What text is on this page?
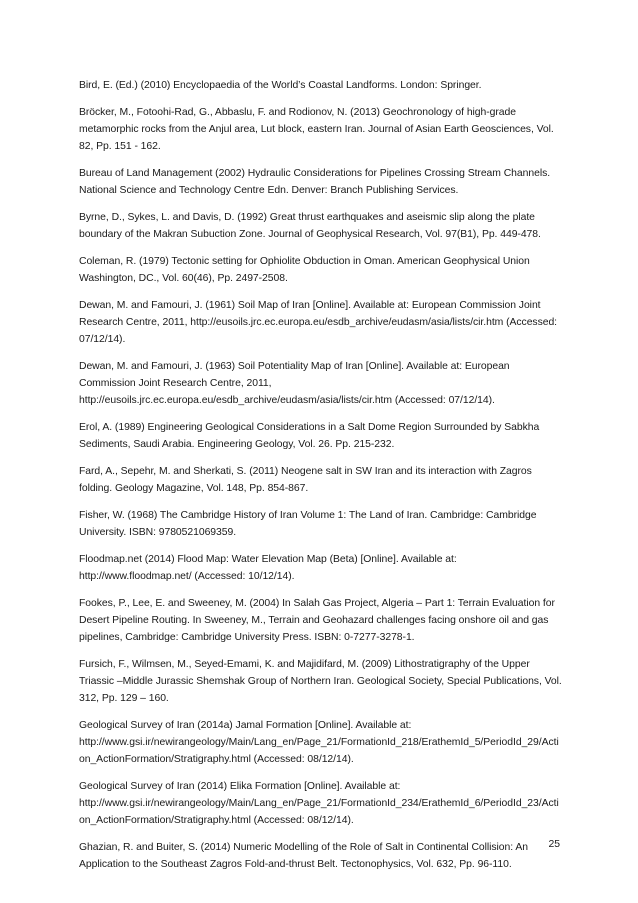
Bird, E. (Ed.) (2010) Encyclopaedia of the World’s Coastal Landforms. London: Springer.
Bröcker, M., Fotoohi-Rad, G., Abbaslu, F. and Rodionov, N. (2013) Geochronology of high-grade metamorphic rocks from the Anjul area, Lut block, eastern Iran. Journal of Asian Earth Geosciences, Vol. 82, Pp. 151 - 162.
Bureau of Land Management (2002) Hydraulic Considerations for Pipelines Crossing Stream Channels. National Science and Technology Centre Edn. Denver: Branch Publishing Services.
Byrne, D., Sykes, L. and Davis, D. (1992) Great thrust earthquakes and aseismic slip along the plate boundary of the Makran Subuction Zone. Journal of Geophysical Research, Vol. 97(B1), Pp. 449-478.
Coleman, R. (1979) Tectonic setting for Ophiolite Obduction in Oman. American Geophysical Union Washington, DC., Vol. 60(46), Pp. 2497-2508.
Dewan, M. and Famouri, J. (1961) Soil Map of Iran [Online]. Available at: European Commission Joint Research Centre, 2011, http://eusoils.jrc.ec.europa.eu/esdb_archive/eudasm/asia/lists/cir.htm (Accessed: 07/12/14).
Dewan, M. and Famouri, J. (1963) Soil Potentiality Map of Iran [Online]. Available at: European Commission Joint Research Centre, 2011, http://eusoils.jrc.ec.europa.eu/esdb_archive/eudasm/asia/lists/cir.htm (Accessed: 07/12/14).
Erol, A. (1989) Engineering Geological Considerations in a Salt Dome Region Surrounded by Sabkha Sediments, Saudi Arabia. Engineering Geology, Vol. 26. Pp. 215-232.
Fard, A., Sepehr, M. and Sherkati, S. (2011) Neogene salt in SW Iran and its interaction with Zagros folding. Geology Magazine, Vol. 148, Pp. 854-867.
Fisher, W. (1968) The Cambridge History of Iran Volume 1: The Land of Iran. Cambridge: Cambridge University. ISBN: 9780521069359.
Floodmap.net (2014) Flood Map: Water Elevation Map (Beta) [Online]. Available at: http://www.floodmap.net/ (Accessed: 10/12/14).
Fookes, P., Lee, E. and Sweeney, M. (2004) In Salah Gas Project, Algeria – Part 1: Terrain Evaluation for Desert Pipeline Routing. In Sweeney, M., Terrain and Geohazard challenges facing onshore oil and gas pipelines, Cambridge: Cambridge University Press. ISBN: 0-7277-3278-1.
Fursich, F., Wilmsen, M., Seyed-Emami, K. and Majidifard, M. (2009) Lithostratigraphy of the Upper Triassic –Middle Jurassic Shemshak Group of Northern Iran. Geological Society, Special Publications, Vol. 312, Pp. 129 – 160.
Geological Survey of Iran (2014a) Jamal Formation [Online]. Available at: http://www.gsi.ir/newirangeology/Main/Lang_en/Page_21/FormationId_218/ErathemId_5/PeriodId_29/Action_ActionFormation/Stratigraphy.html (Accessed: 08/12/14).
Geological Survey of Iran (2014) Elika Formation [Online]. Available at: http://www.gsi.ir/newirangeology/Main/Lang_en/Page_21/FormationId_234/ErathemId_6/PeriodId_23/Action_ActionFormation/Stratigraphy.html (Accessed: 08/12/14).
Ghazian, R. and Buiter, S. (2014) Numeric Modelling of the Role of Salt in Continental Collision: An Application to the Southeast Zagros Fold-and-thrust Belt. Tectonophysics, Vol. 632, Pp. 96-110.
25
